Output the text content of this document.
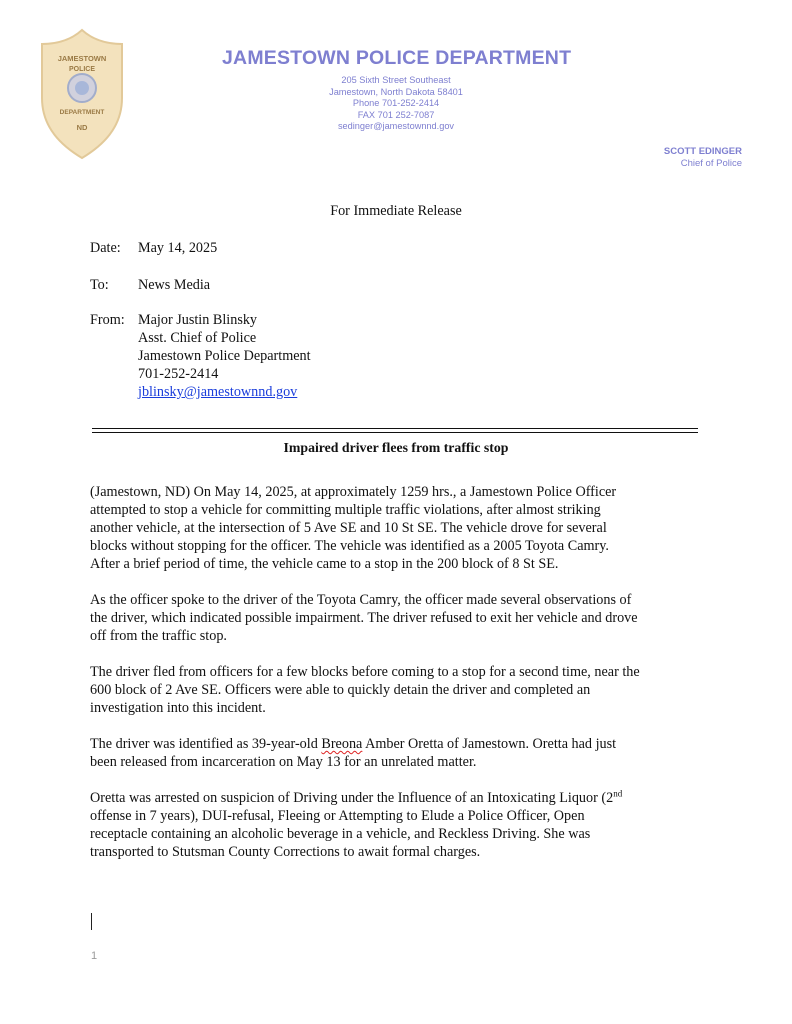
JAMESTOWN
POLICE
DEPARTMENT
ND
JAMESTOWN POLICE DEPARTMENT
205 Sixth Street Southeast
Jamestown, North Dakota 58401
Phone 701-252-2414
FAX 701 252-7087
sedinger@jamestownnd.gov
SCOTT EDINGER
Chief of Police
For Immediate Release
Date: May 14, 2025
To: News Media
From: Major Justin Blinsky
Asst. Chief of Police
Jamestown Police Department
701-252-2414
jblinsky@jamestownnd.gov
Impaired driver flees from traffic stop

(Jamestown, ND) On May 14, 2025, at approximately 1259 hrs., a Jamestown Police Officer
attempted to stop a vehicle for committing multiple traffic violations, after almost striking
another vehicle, at the intersection of 5 Ave SE and 10 St SE. The vehicle drove for several
blocks without stopping for the officer. The vehicle was identified as a 2005 Toyota Camry.
After a brief period of time, the vehicle came to a stop in the 200 block of 8 St SE.

As the officer spoke to the driver of the Toyota Camry, the officer made several observations of
the driver, which indicated possible impairment. The driver refused to exit her vehicle and drove
off from the traffic stop.

The driver fled from officers for a few blocks before coming to a stop for a second time, near the
600 block of 2 Ave SE. Officers were able to quickly detain the driver and completed an
investigation into this incident.

The driver was identified as 39-year-old Breona Amber Oretta of Jamestown. Oretta had just
been released from incarceration on May 13 for an unrelated matter.

Oretta was arrested on suspicion of Driving under the Influence of an Intoxicating Liquor (2nd
offense in 7 years), DUI-refusal, Fleeing or Attempting to Elude a Police Officer, Open
receptacle containing an alcoholic beverage in a vehicle, and Reckless Driving. She was
transported to Stutsman County Corrections to await formal charges.

1
